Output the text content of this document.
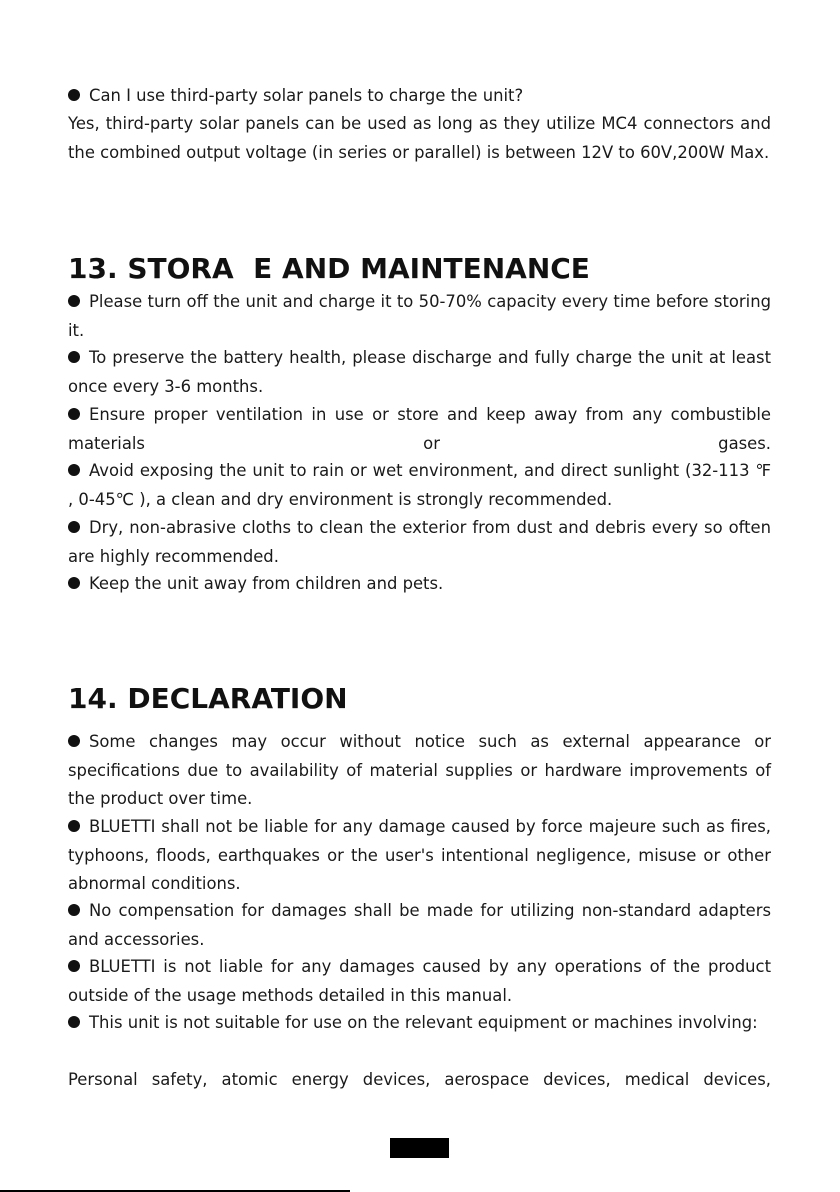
Can I use third-party solar panels to charge the unit?
Yes, third-party solar panels can be used as long as they utilize MC4 connectors and the combined output voltage (in series or parallel) is between 12V to 60V,200W Max.
13. STORA  E AND MAINTENANCE
Please turn off the unit and charge it to 50-70% capacity every time before storing it.
To preserve the battery health, please discharge and fully charge the unit at least once every 3-6 months.
Ensure proper ventilation in use or store and keep away from any combustible materials or gases.
Avoid exposing the unit to rain or wet environment, and direct sunlight (32-113 ℉ , 0-45℃ ), a clean and dry environment is strongly recommended.
Dry, non-abrasive cloths to clean the exterior from dust and debris every so often are highly recommended.
Keep the unit away from children and pets.
14. DECLARATION
Some changes may occur without notice such as external appearance or specifications due to availability of material supplies or hardware improvements of the product over time.
BLUETTI shall not be liable for any damage caused by force majeure such as fires, typhoons, floods, earthquakes or the user's intentional negligence, misuse or other abnormal conditions.
No compensation for damages shall be made for utilizing non-standard adapters and accessories.
BLUETTI is not liable for any damages caused by any operations of the product outside of the usage methods detailed in this manual.
This unit is not suitable for use on the relevant equipment or machines involving:
Personal safety, atomic energy devices, aerospace devices, medical devices,
